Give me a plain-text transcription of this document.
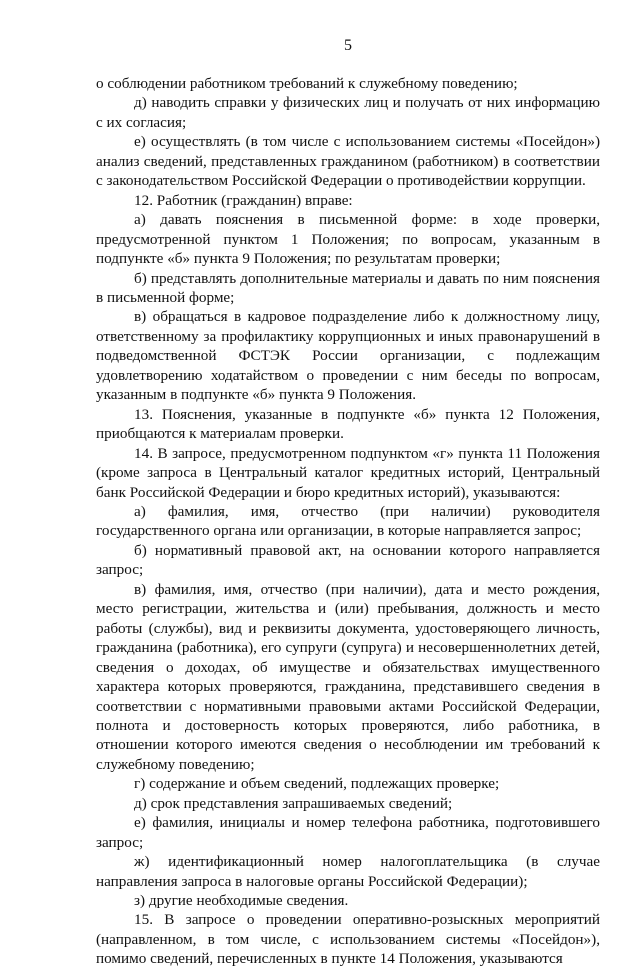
5

о соблюдении работником требований к служебному поведению;

д) наводить справки у физических лиц и получать от них информацию с их согласия;

е) осуществлять (в том числе с использованием системы «Посейдон») анализ сведений, представленных гражданином (работником) в соответствии с законодательством Российской Федерации о противодействии коррупции.

12. Работник (гражданин) вправе:

а) давать пояснения в письменной форме: в ходе проверки, предусмотренной пунктом 1 Положения; по вопросам, указанным в подпункте «б» пункта 9 Положения; по результатам проверки;

б) представлять дополнительные материалы и давать по ним пояснения в письменной форме;

в) обращаться в кадровое подразделение либо к должностному лицу, ответственному за профилактику коррупционных и иных правонарушений в подведомственной ФСТЭК России организации, с подлежащим удовлетворению ходатайством о проведении с ним беседы по вопросам, указанным в подпункте «б» пункта 9 Положения.

13. Пояснения, указанные в подпункте «б» пункта 12 Положения, приобщаются к материалам проверки.

14. В запросе, предусмотренном подпунктом «г» пункта 11 Положения (кроме запроса в Центральный каталог кредитных историй, Центральный банк Российской Федерации и бюро кредитных историй), указываются:

а) фамилия, имя, отчество (при наличии) руководителя государственного органа или организации, в которые направляется запрос;

б) нормативный правовой акт, на основании которого направляется запрос;

в) фамилия, имя, отчество (при наличии), дата и место рождения, место регистрации, жительства и (или) пребывания, должность и место работы (службы), вид и реквизиты документа, удостоверяющего личность, гражданина (работника), его супруги (супруга) и несовершеннолетних детей, сведения о доходах, об имуществе и обязательствах имущественного характера которых проверяются, гражданина, представившего сведения в соответствии с нормативными правовыми актами Российской Федерации, полнота и достоверность которых проверяются, либо работника, в отношении которого имеются сведения о несоблюдении им требований к служебному поведению;

г) содержание и объем сведений, подлежащих проверке;

д) срок представления запрашиваемых сведений;

е) фамилия, инициалы и номер телефона работника, подготовившего запрос;

ж) идентификационный номер налогоплательщика (в случае направления запроса в налоговые органы Российской Федерации);

з) другие необходимые сведения.

15. В запросе о проведении оперативно-розыскных мероприятий (направленном, в том числе, с использованием системы «Посейдон»), помимо сведений, перечисленных в пункте 14 Положения, указываются
